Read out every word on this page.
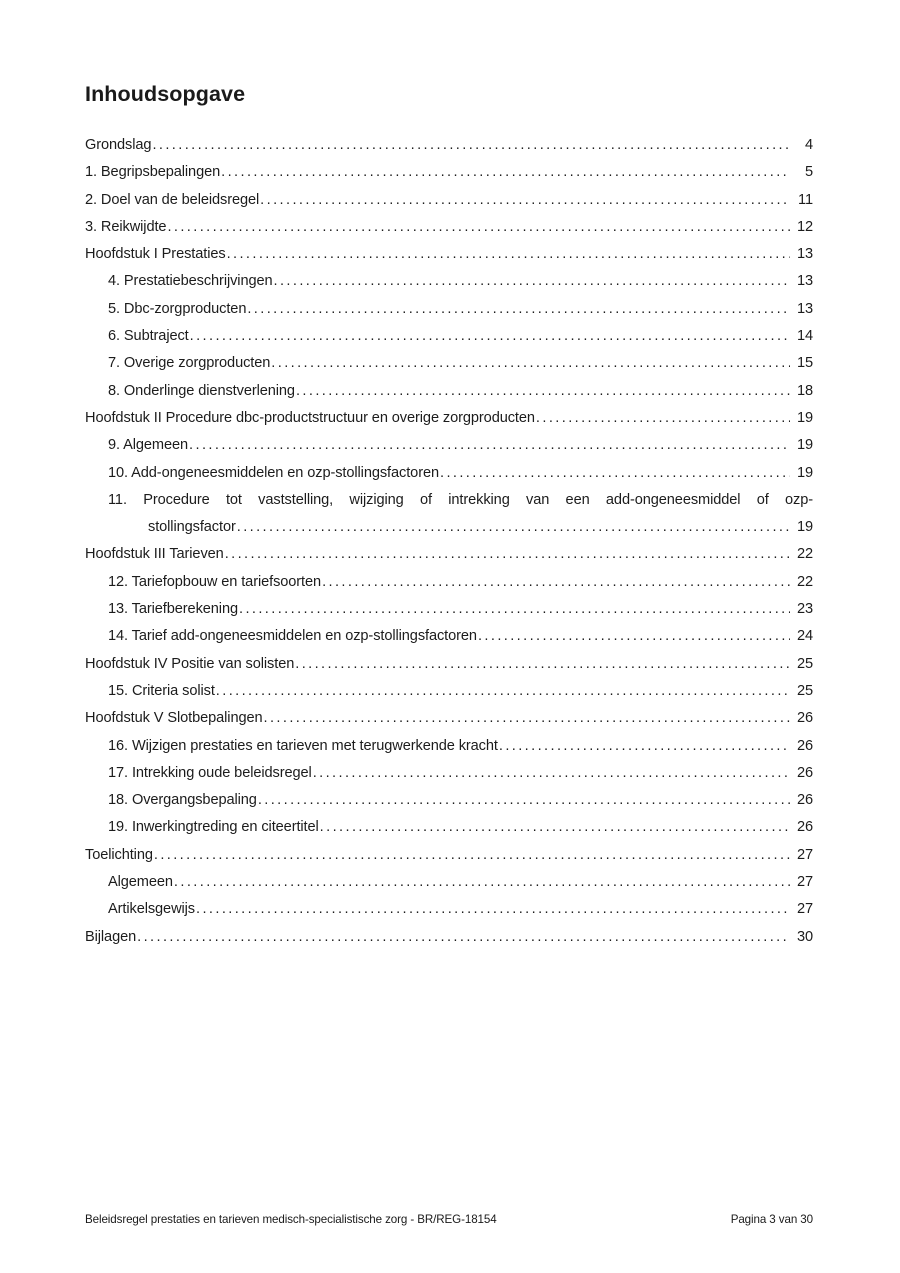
Inhoudsopgave
Grondslag .....	4
1. Begripsbepalingen .....	5
2. Doel van de beleidsregel .....	11
3. Reikwijdte .....	12
Hoofdstuk I Prestaties .....	13
4. Prestatiebeschrijvingen .....	13
5. Dbc-zorgproducten .....	13
6. Subtraject .....	14
7. Overige zorgproducten .....	15
8. Onderlinge dienstverlening .....	18
Hoofdstuk II Procedure dbc-productstructuur en overige zorgproducten .....	19
9. Algemeen .....	19
10. Add-ongeneesmiddelen en ozp-stollingsfactoren .....	19
11. Procedure tot vaststelling, wijziging of intrekking van een add-ongeneesmiddel of ozp-
stollingsfactor .....	19
Hoofdstuk III Tarieven .....	22
12. Tariefopbouw en tariefsoorten .....	22
13. Tariefberekening .....	23
14. Tarief add-ongeneesmiddelen en ozp-stollingsfactoren .....	24
Hoofdstuk IV Positie van solisten .....	25
15. Criteria solist .....	25
Hoofdstuk V Slotbepalingen .....	26
16. Wijzigen prestaties en tarieven met terugwerkende kracht .....	26
17. Intrekking oude beleidsregel .....	26
18. Overgangsbepaling .....	26
19. Inwerkingtreding en citeertitel .....	26
Toelichting .....	27
Algemeen .....	27
Artikelsgewijs .....	27
Bijlagen .....	30
Beleidsregel prestaties en tarieven medisch-specialistische zorg - BR/REG-18154	Pagina 3 van 30
